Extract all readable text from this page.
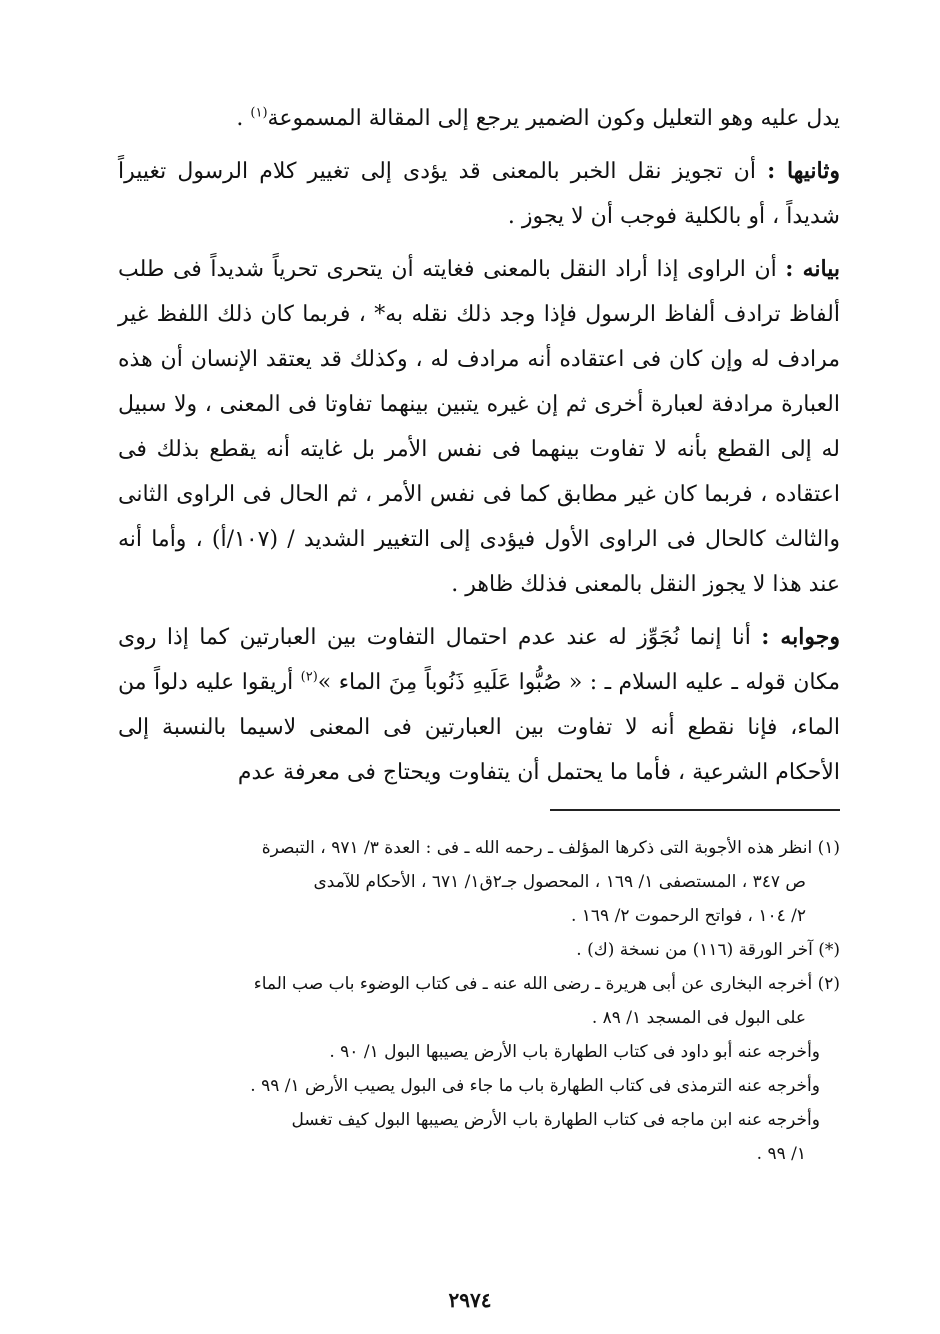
يدل عليه وهو التعليل وكون الضمير يرجع إلى المقالة المسموعة$^{(١)}$ .

وثانيها : أن تجويز نقل الخبر بالمعنى قد يؤدى إلى تغيير كلام الرسول تغييراً شديداً ، أو بالكلية فوجب أن لا يجوز .

بيانه : أن الراوى إذا أراد النقل بالمعنى فغايته أن يتحرى تحرياً شديداً فى طلب ألفاظ ترادف ألفاظ الرسول فإذا وجد ذلك نقله به* ، فربما كان ذلك اللفظ غير مرادف له وإن كان فى اعتقاده أنه مرادف له ، وكذلك قد يعتقد الإنسان أن هذه العبارة مرادفة لعبارة أخرى ثم إن غيره يتبين بينهما تفاوتا فى المعنى ، ولا سبيل له إلى القطع بأنه لا تفاوت بينهما فى نفس الأمر بل غايته أنه يقطع بذلك فى اعتقاده ، فربما كان غير مطابق كما فى نفس الأمر ، ثم الحال فى الراوى الثانى والثالث كالحال فى الراوى الأول فيؤدى إلى التغيير الشديد / (١٠٧/أ) ، وأما أنه عند هذا لا يجوز النقل بالمعنى فذلك ظاهر .

وجوابه : أنا إنما نُجَوِّز له عند عدم احتمال التفاوت بين العبارتين كما إذا روى مكان قوله ـ عليه السلام ـ : « صُبُّوا عَلَيهِ ذَنُوباً مِنَ الماء »$^{(٢)}$ أريقوا عليه دلواً من الماء، فإنا نقطع أنه لا تفاوت بين العبارتين فى المعنى لاسيما بالنسبة إلى الأحكام الشرعية ، فأما ما يحتمل أن يتفاوت ويحتاج فى معرفة عدم

(١) انظر هذه الأجوبة التى ذكرها المؤلف ـ رحمه الله ـ فى : العدة ٣/ ٩٧١ ، التبصرة

ص ٣٤٧ ، المستصفى ١/ ١٦٩ ، المحصول جـ٢ق١/ ٦٧١ ، الأحكام للآمدى

٢/ ١٠٤ ، فواتح الرحموت ٢/ ١٦٩ .

(*) آخر الورقة (١١٦) من نسخة (ك) .

(٢) أخرجه البخارى عن أبى هريرة ـ رضى الله عنه ـ فى كتاب الوضوء باب صب الماء

على البول فى المسجد ١/ ٨٩ .

وأخرجه عنه أبو داود فى كتاب الطهارة باب الأرض يصيبها البول ١/ ٩٠ .

وأخرجه عنه الترمذى فى كتاب الطهارة باب ما جاء فى البول يصيب الأرض ١/ ٩٩ .

وأخرجه عنه ابن ماجه فى كتاب الطهارة باب الأرض يصيبها البول كيف تغسل

١/ ٩٩ .

٢٩٧٤
